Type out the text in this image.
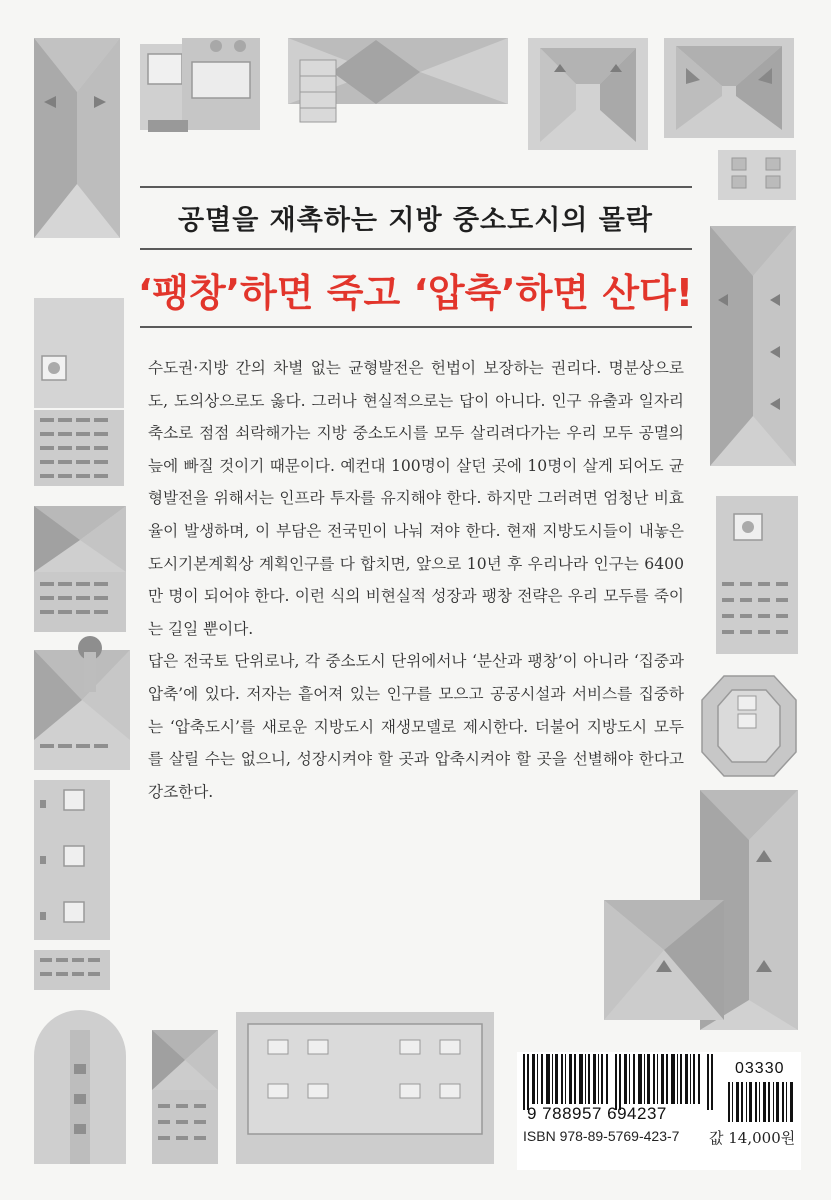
공멸을 재촉하는 지방 중소도시의 몰락
‘팽창’하면 죽고 ‘압축’하면 산다!

수도권·지방 간의 차별 없는 균형발전은 헌법이 보장하는 권리다. 명분상으로도, 도의상으로도 옳다. 그러나 현실적으로는 답이 아니다. 인구 유출과 일자리 축소로 점점 쇠락해가는 지방 중소도시를 모두 살리려다가는 우리 모두 공멸의 늪에 빠질 것이기 때문이다. 예컨대 100명이 살던 곳에 10명이 살게 되어도 균형발전을 위해서는 인프라 투자를 유지해야 한다. 하지만 그러려면 엄청난 비효율이 발생하며, 이 부담은 전국민이 나눠 져야 한다. 현재 지방도시들이 내놓은 도시기본계획상 계획인구를 다 합치면, 앞으로 10년 후 우리나라 인구는 6400만 명이 되어야 한다. 이런 식의 비현실적 성장과 팽창 전략은 우리 모두를 죽이는 길일 뿐이다.

답은 전국토 단위로나, 각 중소도시 단위에서나 ‘분산과 팽창’이 아니라 ‘집중과 압축’에 있다. 저자는 흩어져 있는 인구를 모으고 공공시설과 서비스를 집중하는 ‘압축도시’를 새로운 지방도시 재생모델로 제시한다. 더불어 지방도시 모두를 살릴 수는 없으니, 성장시켜야 할 곳과 압축시켜야 할 곳을 선별해야 한다고 강조한다.

03330
9 788957 694237
ISBN 978-89-5769-423-7 값 14,000원
